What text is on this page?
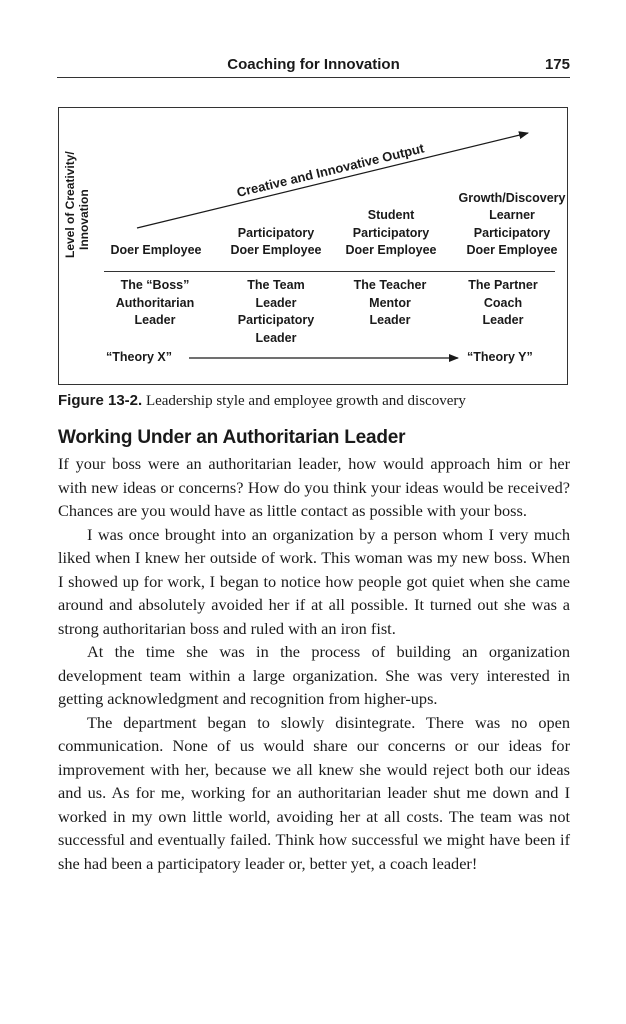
Coaching for Innovation	175
Level of Creativity/ Innovation
Creative and Innovative Output
Doer Employee
Participatory
Doer Employee
Student
Participatory
Doer Employee
Growth/Discovery
Learner
Participatory
Doer Employee
The “Boss”
Authoritarian
Leader
The Team
Leader
Participatory
Leader
The Teacher
Mentor
Leader
The Partner
Coach
Leader
“Theory X”	“Theory Y”
Figure 13-2. Leadership style and employee growth and discovery
Working Under an Authoritarian Leader

If your boss were an authoritarian leader, how would approach him or her with new ideas or concerns? How do you think your ideas would be received? Chances are you would have as little contact as possible with your boss.

I was once brought into an organization by a person whom I very much liked when I knew her outside of work. This woman was my new boss. When I showed up for work, I began to notice how people got quiet when she came around and absolutely avoided her if at all possible. It turned out she was a strong authoritarian boss and ruled with an iron fist.

At the time she was in the process of building an organization development team within a large organization. She was very interested in getting acknowledgment and recognition from higher-ups.

The department began to slowly disintegrate. There was no open communication. None of us would share our concerns or our ideas for improvement with her, because we all knew she would reject both our ideas and us. As for me, working for an authoritarian leader shut me down and I worked in my own little world, avoiding her at all costs. The team was not successful and eventually failed. Think how successful we might have been if she had been a participatory leader or, better yet, a coach leader!
